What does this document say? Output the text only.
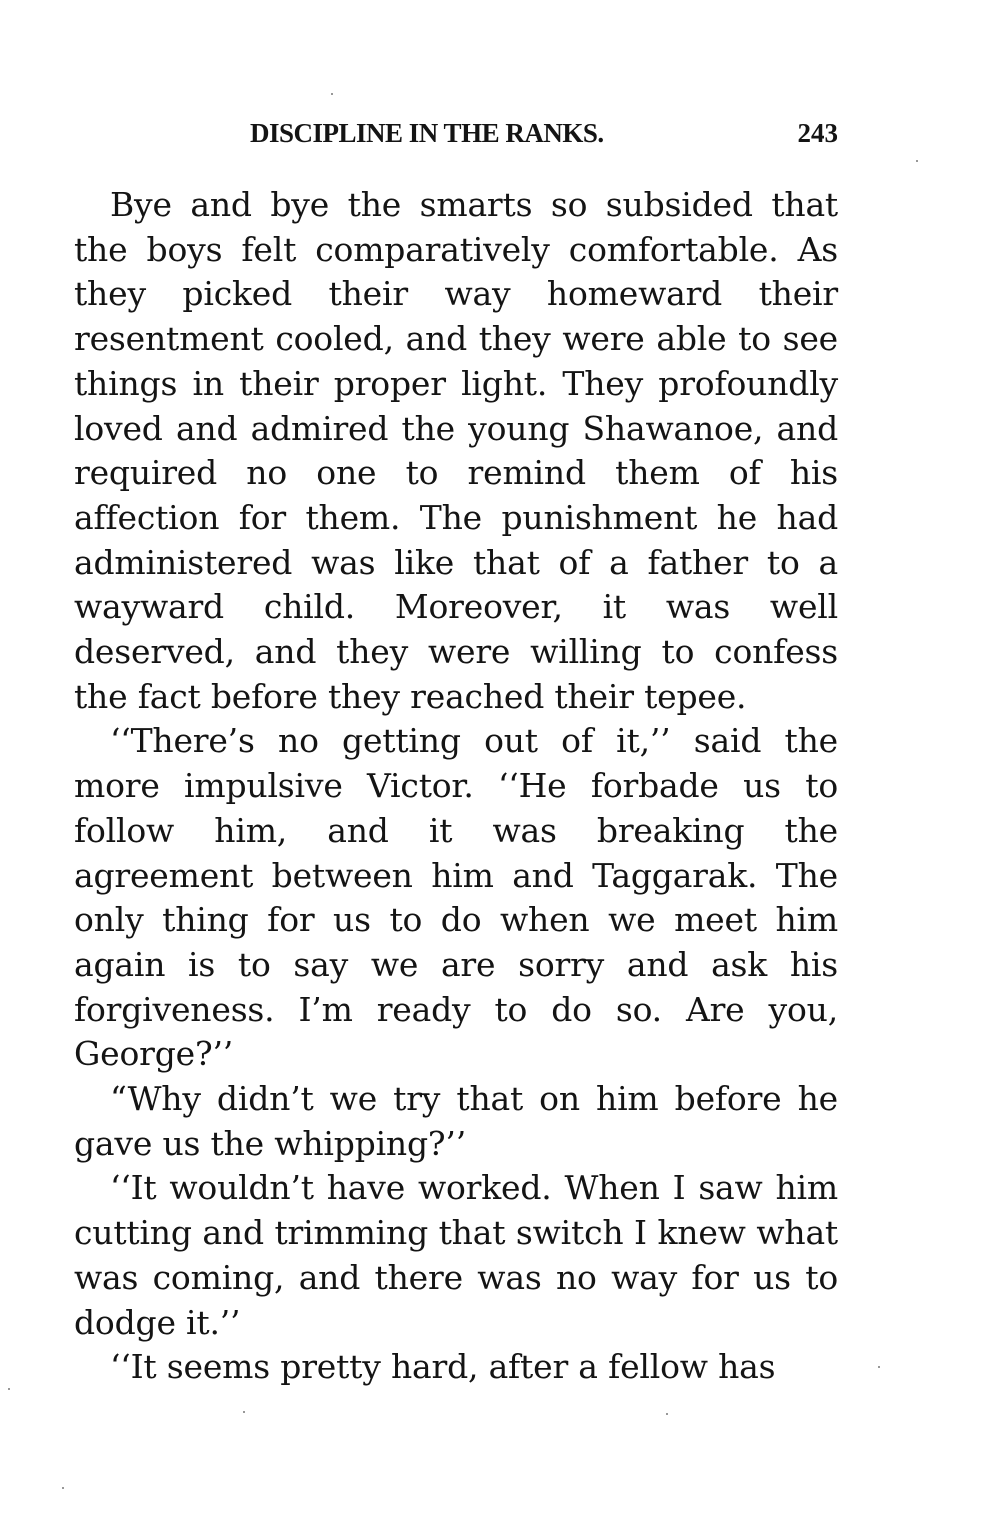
DISCIPLINE IN THE RANKS.	243

Bye and bye the smarts so subsided that the boys felt comparatively comfortable. As they picked their way homeward their resentment cooled, and they were able to see things in their proper light. They profoundly loved and admired the young Shawanoe, and required no one to remind them of his affection for them. The punishment he had administered was like that of a father to a wayward child. Moreover, it was well deserved, and they were willing to confess the fact before they reached their tepee.

‘‘There’s no getting out of it,’’ said the more impulsive Victor. ‘‘He forbade us to follow him, and it was breaking the agreement between him and Taggarak. The only thing for us to do when we meet him again is to say we are sorry and ask his forgiveness. I’m ready to do so. Are you, George?’’

“Why didn’t we try that on him before he gave us the whipping?’’

‘‘It wouldn’t have worked. When I saw him cutting and trimming that switch I knew what was coming, and there was no way for us to dodge it.’’

‘‘It seems pretty hard, after a fellow has
